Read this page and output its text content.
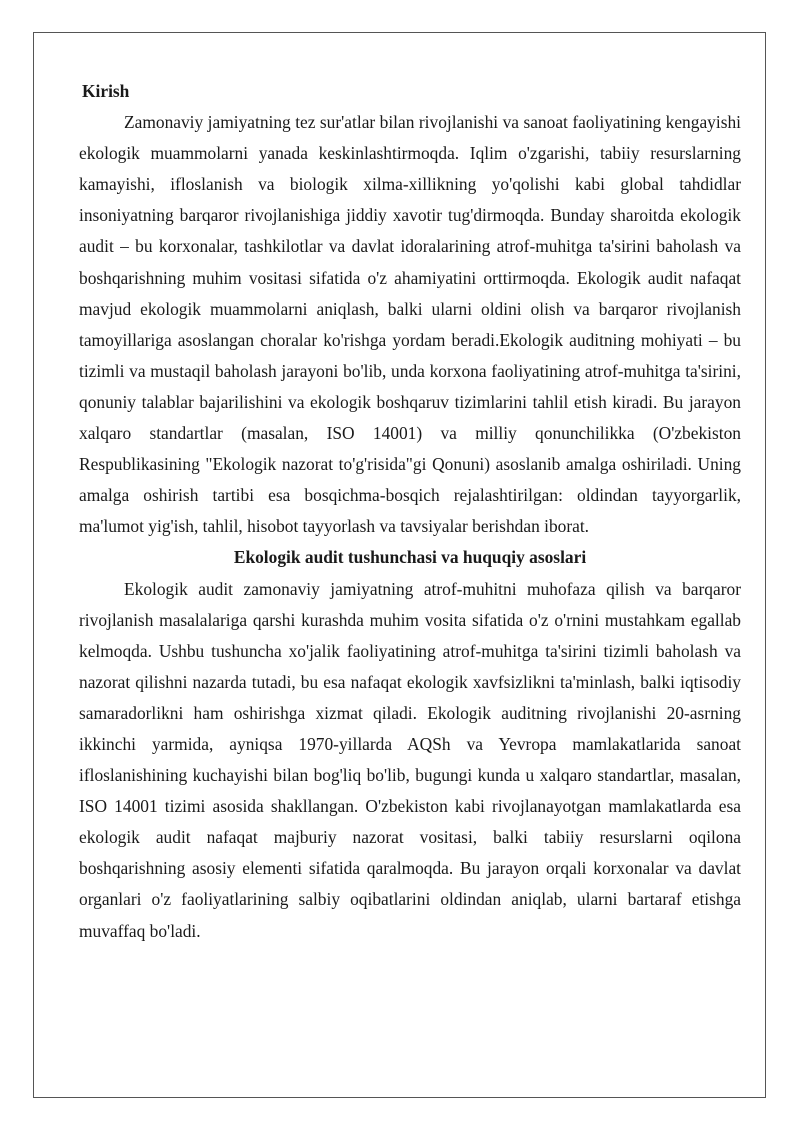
Kirish

Zamonaviy jamiyatning tez sur'atlar bilan rivojlanishi va sanoat faoliyatining kengayishi ekologik muammolarni yanada keskinlashtirmoqda. Iqlim o'zgarishi, tabiiy resurslarning kamayishi, ifloslanish va biologik xilma-xillikning yo'qolishi kabi global tahdidlar insoniyatning barqaror rivojlanishiga jiddiy xavotir tug'dirmoqda. Bunday sharoitda ekologik audit – bu korxonalar, tashkilotlar va davlat idoralarining atrof-muhitga ta'sirini baholash va boshqarishning muhim vositasi sifatida o'z ahamiyatini orttirmoqda. Ekologik audit nafaqat mavjud ekologik muammolarni aniqlash, balki ularni oldini olish va barqaror rivojlanish tamoyillariga asoslangan choralar ko'rishga yordam beradi.Ekologik auditning mohiyati – bu tizimli va mustaqil baholash jarayoni bo'lib, unda korxona faoliyatining atrof-muhitga ta'sirini, qonuniy talablar bajarilishini va ekologik boshqaruv tizimlarini tahlil etish kiradi. Bu jarayon xalqaro standartlar (masalan, ISO 14001) va milliy qonunchilikka (O'zbekiston Respublikasining "Ekologik nazorat to'g'risida"gi Qonuni) asoslanib amalga oshiriladi. Uning amalga oshirish tartibi esa bosqichma-bosqich rejalashtirilgan: oldindan tayyorgarlik, ma'lumot yig'ish, tahlil, hisobot tayyorlash va tavsiyalar berishdan iborat.

Ekologik audit tushunchasi va huquqiy asoslari

Ekologik audit zamonaviy jamiyatning atrof-muhitni muhofaza qilish va barqaror rivojlanish masalalariga qarshi kurashda muhim vosita sifatida o'z o'rnini mustahkam egallab kelmoqda. Ushbu tushuncha xo'jalik faoliyatining atrof-muhitga ta'sirini tizimli baholash va nazorat qilishni nazarda tutadi, bu esa nafaqat ekologik xavfsizlikni ta'minlash, balki iqtisodiy samaradorlikni ham oshirishga xizmat qiladi. Ekologik auditning rivojlanishi 20-asrning ikkinchi yarmida, ayniqsa 1970-yillarda AQSh va Yevropa mamlakatlarida sanoat ifloslanishining kuchayishi bilan bog'liq bo'lib, bugungi kunda u xalqaro standartlar, masalan, ISO 14001 tizimi asosida shakllangan. O'zbekiston kabi rivojlanayotgan mamlakatlarda esa ekologik audit nafaqat majburiy nazorat vositasi, balki tabiiy resurslarni oqilona boshqarishning asosiy elementi sifatida qaralmoqda. Bu jarayon orqali korxonalar va davlat organlari o'z faoliyatlarining salbiy oqibatlarini oldindan aniqlab, ularni bartaraf etishga muvaffaq bo'ladi.
